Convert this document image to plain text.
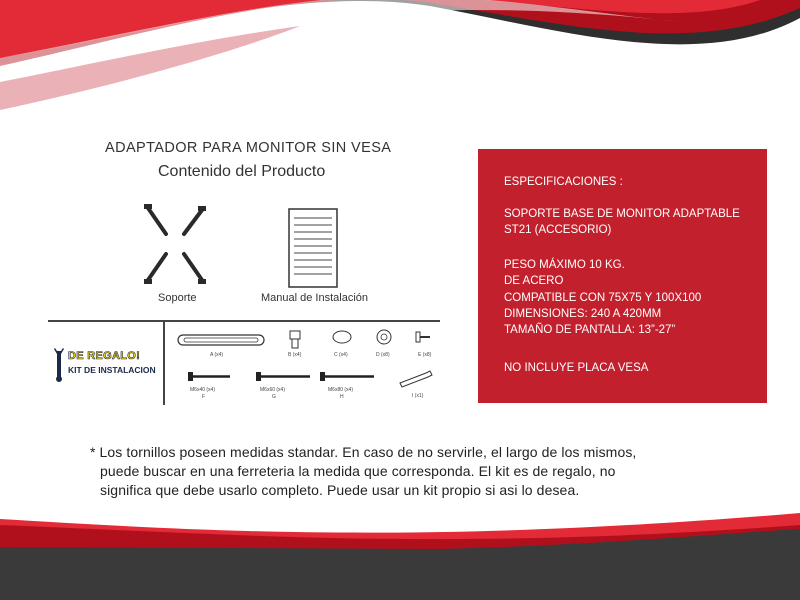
ADAPTADOR PARA MONITOR SIN VESA
Contenido del Producto
Soporte	Manual de Instalación
DE REGALO!
KIT DE INSTALACION
A (x4)	B (x4)	C (x4)	D (x8)	E (x8)
M6x40 (x4)
F
M6x60 (x4)
G
M6x80 (x4)
H	I (x1)
ESPECIFICACIONES :
SOPORTE BASE DE MONITOR ADAPTABLE
ST21 (ACCESORIO)
PESO MÁXIMO 10 KG.
DE ACERO
COMPATIBLE CON 75X75 Y 100X100
DIMENSIONES: 240 A 420MM
TAMAÑO DE PANTALLA: 13”-27”
NO INCLUYE PLACA VESA
* Los tornillos poseen medidas standar. En caso de no servirle, el largo de los mismos,
puede buscar en una ferreteria la medida que corresponda. El kit es de regalo, no
significa que debe usarlo completo. Puede usar un kit propio si asi lo desea.
